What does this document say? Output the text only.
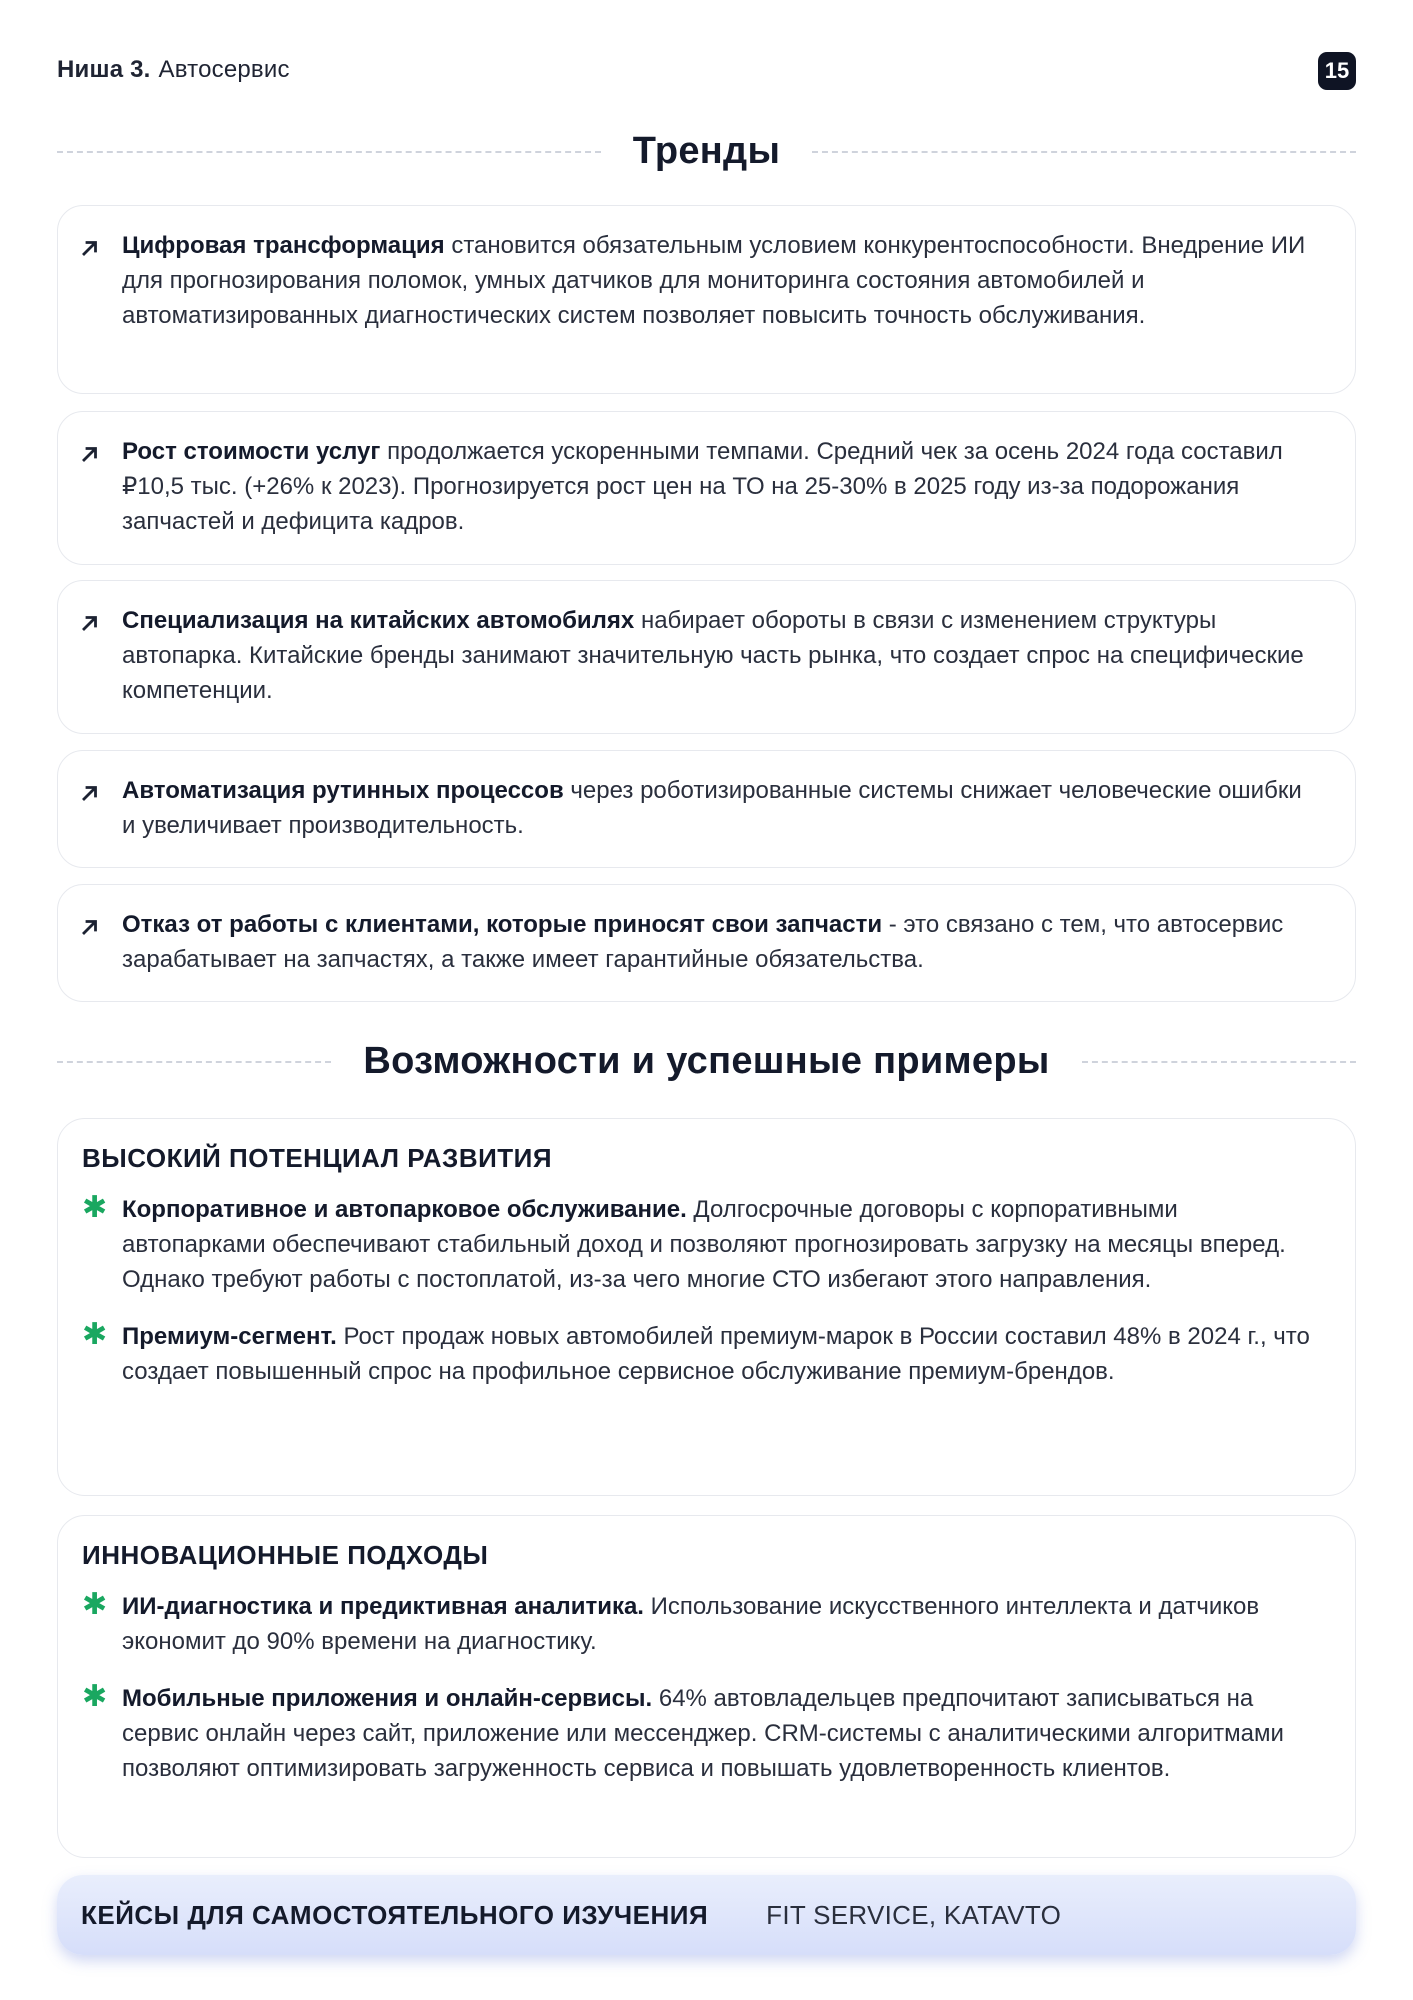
Ниша 3. Автосервис	15
Тренды

Цифровая трансформация становится обязательным условием конкурентоспособности. Внедрение ИИ для прогнозирования поломок, умных датчиков для мониторинга состояния автомобилей и автоматизированных диагностических систем позволяет повысить точность обслуживания.

Рост стоимости услуг продолжается ускоренными темпами. Средний чек за осень 2024 года составил ₽10,5 тыс. (+26% к 2023). Прогнозируется рост цен на ТО на 25-30% в 2025 году из-за подорожания запчастей и дефицита кадров.

Специализация на китайских автомобилях набирает обороты в связи с изменением структуры автопарка. Китайские бренды занимают значительную часть рынка, что создает спрос на специфические компетенции.

Автоматизация рутинных процессов через роботизированные системы снижает человеческие ошибки и увеличивает производительность.

Отказ от работы с клиентами, которые приносят свои запчасти - это связано с тем, что автосервис зарабатывает на запчастях, а также имеет гарантийные обязательства.

Возможности и успешные примеры
ВЫСОКИЙ ПОТЕНЦИАЛ РАЗВИТИЯ
✱ Корпоративное и автопарковое обслуживание. Долгосрочные договоры с корпоративными автопарками обеспечивают стабильный доход и позволяют прогнозировать загрузку на месяцы вперед. Однако требуют работы с постоплатой, из-за чего многие СТО избегают этого направления.
✱ Премиум-сегмент. Рост продаж новых автомобилей премиум-марок в России составил 48% в 2024 г., что создает повышенный спрос на профильное сервисное обслуживание премиум-брендов.
ИННОВАЦИОННЫЕ ПОДХОДЫ
✱ ИИ-диагностика и предиктивная аналитика. Использование искусственного интеллекта и датчиков экономит до 90% времени на диагностику.
✱ Мобильные приложения и онлайн-сервисы. 64% автовладельцев предпочитают записываться на сервис онлайн через сайт, приложение или мессенджер. CRM-системы с аналитическими алгоритмами позволяют оптимизировать загруженность сервиса и повышать удовлетворенность клиентов.
КЕЙСЫ ДЛЯ САМОСТОЯТЕЛЬНОГО ИЗУЧЕНИЯ FIT SERVICE, KATAVTO
